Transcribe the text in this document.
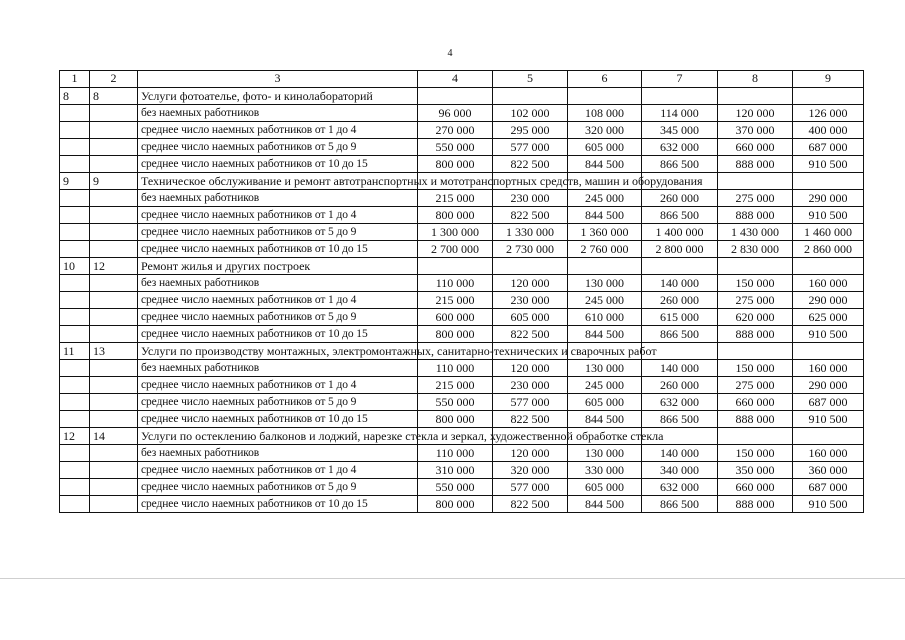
4
1	2	3	4	5	6	7	8	9
8	8	Услуги фотоателье, фото- и кинолабораторий						
		без наемных работников	96 000	102 000	108 000	114 000	120 000	126 000
		среднее число наемных работников от 1 до 4	270 000	295 000	320 000	345 000	370 000	400 000
		среднее число наемных работников от 5 до 9	550 000	577 000	605 000	632 000	660 000	687 000
		среднее число наемных работников от 10 до 15	800 000	822 500	844 500	866 500	888 000	910 500
9	9	Техническое обслуживание и ремонт автотранспортных и мототранспортных средств, машин и оборудования						
		без наемных работников	215 000	230 000	245 000	260 000	275 000	290 000
		среднее число наемных работников от 1 до 4	800 000	822 500	844 500	866 500	888 000	910 500
		среднее число наемных работников от 5 до 9	1 300 000	1 330 000	1 360 000	1 400 000	1 430 000	1 460 000
		среднее число наемных работников от 10 до 15	2 700 000	2 730 000	2 760 000	2 800 000	2 830 000	2 860 000
10	12	Ремонт жилья и других построек						
		без наемных работников	110 000	120 000	130 000	140 000	150 000	160 000
		среднее число наемных работников от 1 до 4	215 000	230 000	245 000	260 000	275 000	290 000
		среднее число наемных работников от 5 до 9	600 000	605 000	610 000	615 000	620 000	625 000
		среднее число наемных работников от 10 до 15	800 000	822 500	844 500	866 500	888 000	910 500
11	13	Услуги по производству монтажных, электромонтажных, санитарно-технических и сварочных работ						
		без наемных работников	110 000	120 000	130 000	140 000	150 000	160 000
		среднее число наемных работников от 1 до 4	215 000	230 000	245 000	260 000	275 000	290 000
		среднее число наемных работников от 5 до 9	550 000	577 000	605 000	632 000	660 000	687 000
		среднее число наемных работников от 10 до 15	800 000	822 500	844 500	866 500	888 000	910 500
12	14	Услуги по остеклению балконов и лоджий, нарезке стекла и зеркал, художественной обработке стекла						
		без наемных работников	110 000	120 000	130 000	140 000	150 000	160 000
		среднее число наемных работников от 1 до 4	310 000	320 000	330 000	340 000	350 000	360 000
		среднее число наемных работников от 5 до 9	550 000	577 000	605 000	632 000	660 000	687 000
		среднее число наемных работников от 10 до 15	800 000	822 500	844 500	866 500	888 000	910 500
